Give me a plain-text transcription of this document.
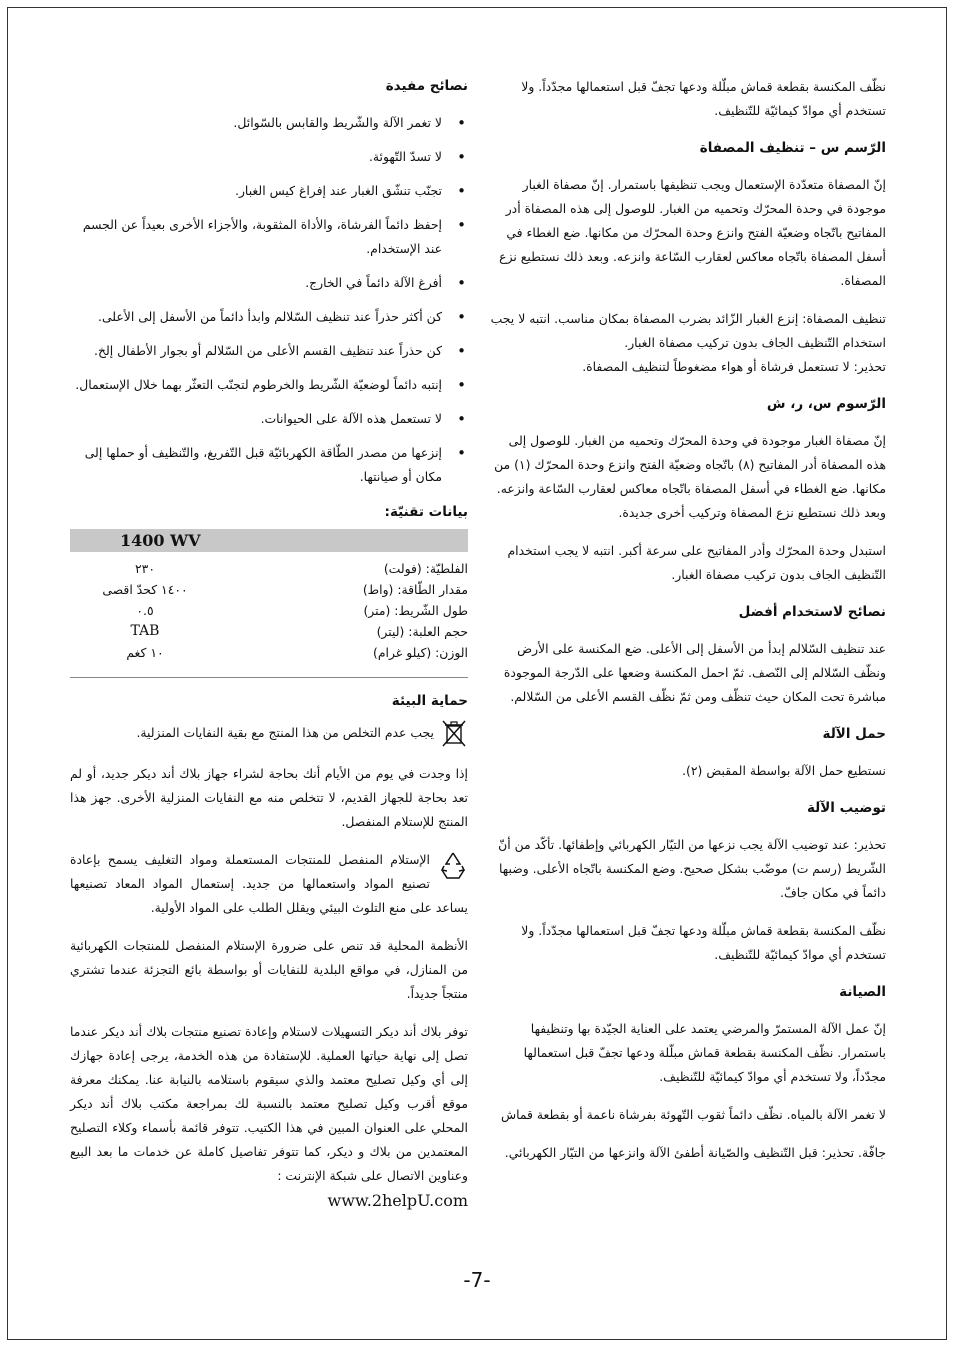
نظّف المكنسة بقطعة قماش مبلّلة ودعها تجفّ قبل استعمالها مجدّداً. ولا تستخدم أي موادّ كيمائيّة للتّنظيف.

الرّسم س – تنظيف المصفاة

إنّ المصفاة متعدّدة الإستعمال ويجب تنظيفها باستمرار. إنّ مصفاة الغبار موجودة في وحدة المحرّك وتحميه من الغبار. للوصول إلى هذه المصفاة أدر المفاتيح باتّجاه وضعيّة الفتح وانزع وحدة المحرّك من مكانها. ضع الغطاء في أسفل المصفاة باتّجاه معاكس لعقارب السّاعة وانزعه. وبعد ذلك نستطيع نزع المصفاة.

تنظيف المصفاة: إنزع الغبار الزّائد بضرب المصفاة بمكان مناسب. انتبه لا يجب استخدام التّنظيف الجاف بدون تركيب مصفاة الغبار.

تحذير: لا تستعمل فرشاة أو هواء مضغوطاً لتنظيف المصفاة.

الرّسوم س، ر، ش

إنّ مصفاة الغبار موجودة في وحدة المحرّك وتحميه من الغبار. للوصول إلى هذه المصفاة أدر المفاتيح (٨) باتّجاه وضعيّة الفتح وانزع وحدة المحرّك (١) من مكانها. ضع الغطاء في أسفل المصفاة باتّجاه معاكس لعقارب السّاعة وانزعه. وبعد ذلك نستطيع نزع المصفاة وتركيب أخرى جديدة.

استبدل وحدة المحرّك وأدر المفاتيح على سرعة أكبر. انتبه لا يجب استخدام التّنظيف الجاف بدون تركيب مصفاة الغبار.

نصائح لاستخدام أفضل

عند تنظيف السّلالم إبدأ من الأسفل إلى الأعلى. ضع المكنسة على الأرض ونظّف السّلالم إلى النّصف. ثمّ احمل المكنسة وضعها على الدّرجة الموجودة مباشرة تحت المكان حيث تنظّف ومن ثمّ نظّف القسم الأعلى من السّلالم.

حمل الآلة

نستطيع حمل الآلة بواسطة المقبض (٢).

توضيب الآلة

تحذير: عند توضيب الآلة يجب نزعها من التيّار الكهربائي وإطفائها. تأكّد من أنّ الشّريط (رسم ت) موضّب بشكل صحيح. وضع المكنسة باتّجاه الأعلى. وضبها دائماً في مكان جافّ.

نظّف المكنسة بقطعة قماش مبلّلة ودعها تجفّ قبل استعمالها مجدّداً. ولا تستخدم أي موادّ كيمائيّة للتّنظيف.

الصيانة

إنّ عمل الآلة المستمرّ والمرضي يعتمد على العناية الجيّدة بها وتنظيفها باستمرار. نظّف المكنسة بقطعة قماش مبلّلة ودعها تجفّ قبل استعمالها مجدّداً، ولا تستخدم أي موادّ كيمائيّة للتّنظيف.

لا تغمر الآلة بالمياه. نظّف دائماً ثقوب التّهوئة بفرشاة ناعمة أو بقطعة قماش

جافّة. تحذير: قبل التّنظيف والصّيانة أطفئ الآلة وانزعها من التيّار الكهربائي.

نصائح مفيدة
• لا تغمر الآلة والشّريط والقابس بالسّوائل.
• لا تسدّ التّهوئة.
• تجنّب تنشّق الغبار عند إفراغ كيس الغبار.
• إحفظ دائماً الفرشاة، والأداة المثقوبة، والأجزاء الأخرى بعيداً عن الجسم عند الإستخدام.
• أفرغ الآلة دائماً في الخارج.
• كن أكثر حذراً عند تنظيف السّلالم وابدأ دائماً من الأسفل إلى الأعلى.
• كن حذراً عند تنظيف القسم الأعلى من السّلالم أو بجوار الأطفال إلخ.
• إنتبه دائماً لوضعيّة الشّريط والخرطوم لتجنّب التعثّر بهما خلال الإستعمال.
• لا تستعمل هذه الآلة على الحيوانات.
• إنزعها من مصدر الطّاقة الكهربائيّة قبل التّفريغ، والتّنظيف أو حملها إلى مكان أو صيانتها.
بيانات تقنيّة:
1400 WV
الفلطيّة: (فولت)
٢٣٠
مقدار الطّاقة: (واط)
١٤٠٠ كحدّ اقصى
طول الشّريط: (متر)
٠.٥
حجم العلبة: (ليتر)
TAB
الوزن: (كيلو غرام)
١٠ كغم
حماية البيئة
يجب عدم التخلص من هذا المنتج مع بقية النفايات المنزلية.

إذا وجدت في يوم من الأيام أنك بحاجة لشراء جهاز بلاك أند ديكر جديد، أو لم تعد بحاجة للجهاز القديم، لا تتخلص منه مع النفايات المنزلية الأخرى. جهز هذا المنتج للإستلام المنفصل.

الإستلام المنفصل للمنتجات المستعملة ومواد التغليف يسمح بإعادة تصنيع المواد واستعمالها من جديد. إستعمال المواد المعاد تصنيعها يساعد على منع التلوث البيئي ويقلل الطلب على المواد الأولية.

الأنظمة المحلية قد تنص على ضرورة الإستلام المنفصل للمنتجات الكهربائية من المنازل، في مواقع البلدية للنفايات أو بواسطة بائع التجزئة عندما تشتري منتجاً جديداً.

توفر بلاك أند ديكر التسهيلات لاستلام وإعادة تصنيع منتجات بلاك أند ديكر عندما تصل إلى نهاية حياتها العملية. للإستفادة من هذه الخدمة، يرجى إعادة جهازك إلى أي وكيل تصليح معتمد والذي سيقوم باستلامه بالنيابة عنا. يمكنك معرفة موقع أقرب وكيل تصليح معتمد بالنسبة لك بمراجعة مكتب بلاك أند ديكر المحلي على العنوان المبين في هذا الكتيب. تتوفر قائمة بأسماء وكلاء التصليح المعتمدين من بلاك و ديكر، كما تتوفر تفاصيل كاملة عن خدمات ما بعد البيع وعناوين الاتصال على شبكة الإنترنت :

www.2helpU.com

-7-
